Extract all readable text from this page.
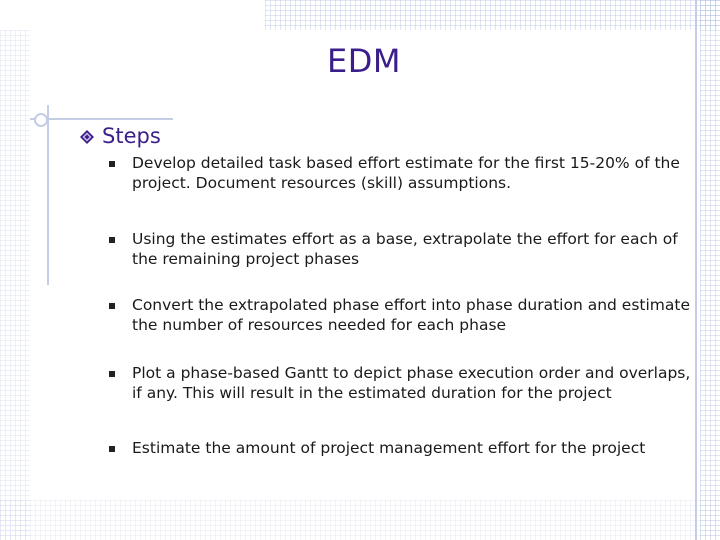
EDM
Steps
Develop detailed task based effort estimate for the first 15-20% of the project. Document resources (skill) assumptions.
Using the estimates effort as a base, extrapolate the effort for each of the remaining project phases
Convert the extrapolated phase effort into phase duration and estimate the number of resources needed for each phase
Plot a phase-based Gantt to depict phase execution order and overlaps, if any. This will result in the estimated duration for the project
Estimate the amount of project management effort for the project
